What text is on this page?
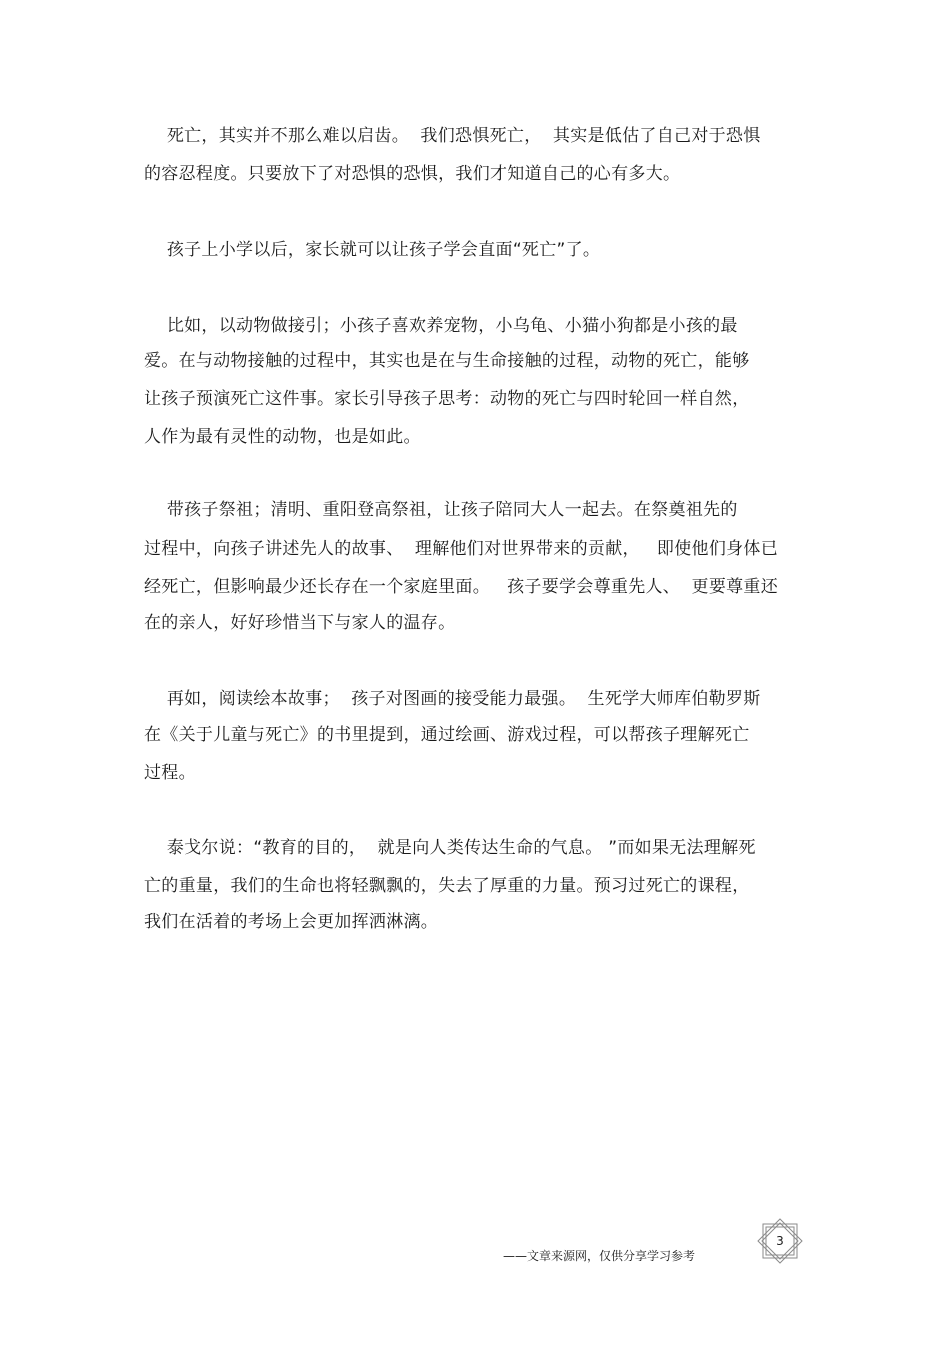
死亡，其实并不那么难以启齿。  我们恐惧死亡，  其实是低估了自己对于恐惧
的容忍程度。只要放下了对恐惧的恐惧，我们才知道自己的心有多大。
孩子上小学以后，家长就可以让孩子学会直面“死亡”了。
比如，以动物做接引；小孩子喜欢养宠物，小乌龟、小猫小狗都是小孩的最
爱。在与动物接触的过程中，其实也是在与生命接触的过程，动物的死亡，能够
让孩子预演死亡这件事。家长引导孩子思考：动物的死亡与四时轮回一样自然，
人作为最有灵性的动物，也是如此。
带孩子祭祖；清明、重阳登高祭祖，让孩子陪同大人一起去。在祭奠祖先的
过程中，向孩子讲述先人的故事、  理解他们对世界带来的贡献，   即使他们身体已
经死亡，但影响最少还长存在一个家庭里面。   孩子要学会尊重先人、  更要尊重还
在的亲人，好好珍惜当下与家人的温存。
再如，阅读绘本故事；  孩子对图画的接受能力最强。  生死学大师库伯勒罗斯
在《关于儿童与死亡》的书里提到，通过绘画、游戏过程，可以帮孩子理解死亡
过程。
泰戈尔说：“教育的目的，  就是向人类传达生命的气息。 ”而如果无法理解死
亡的重量，我们的生命也将轻飘飘的，失去了厚重的力量。预习过死亡的课程，
我们在活着的考场上会更加挥洒淋漓。
——文章来源网，仅供分享学习参考
3
